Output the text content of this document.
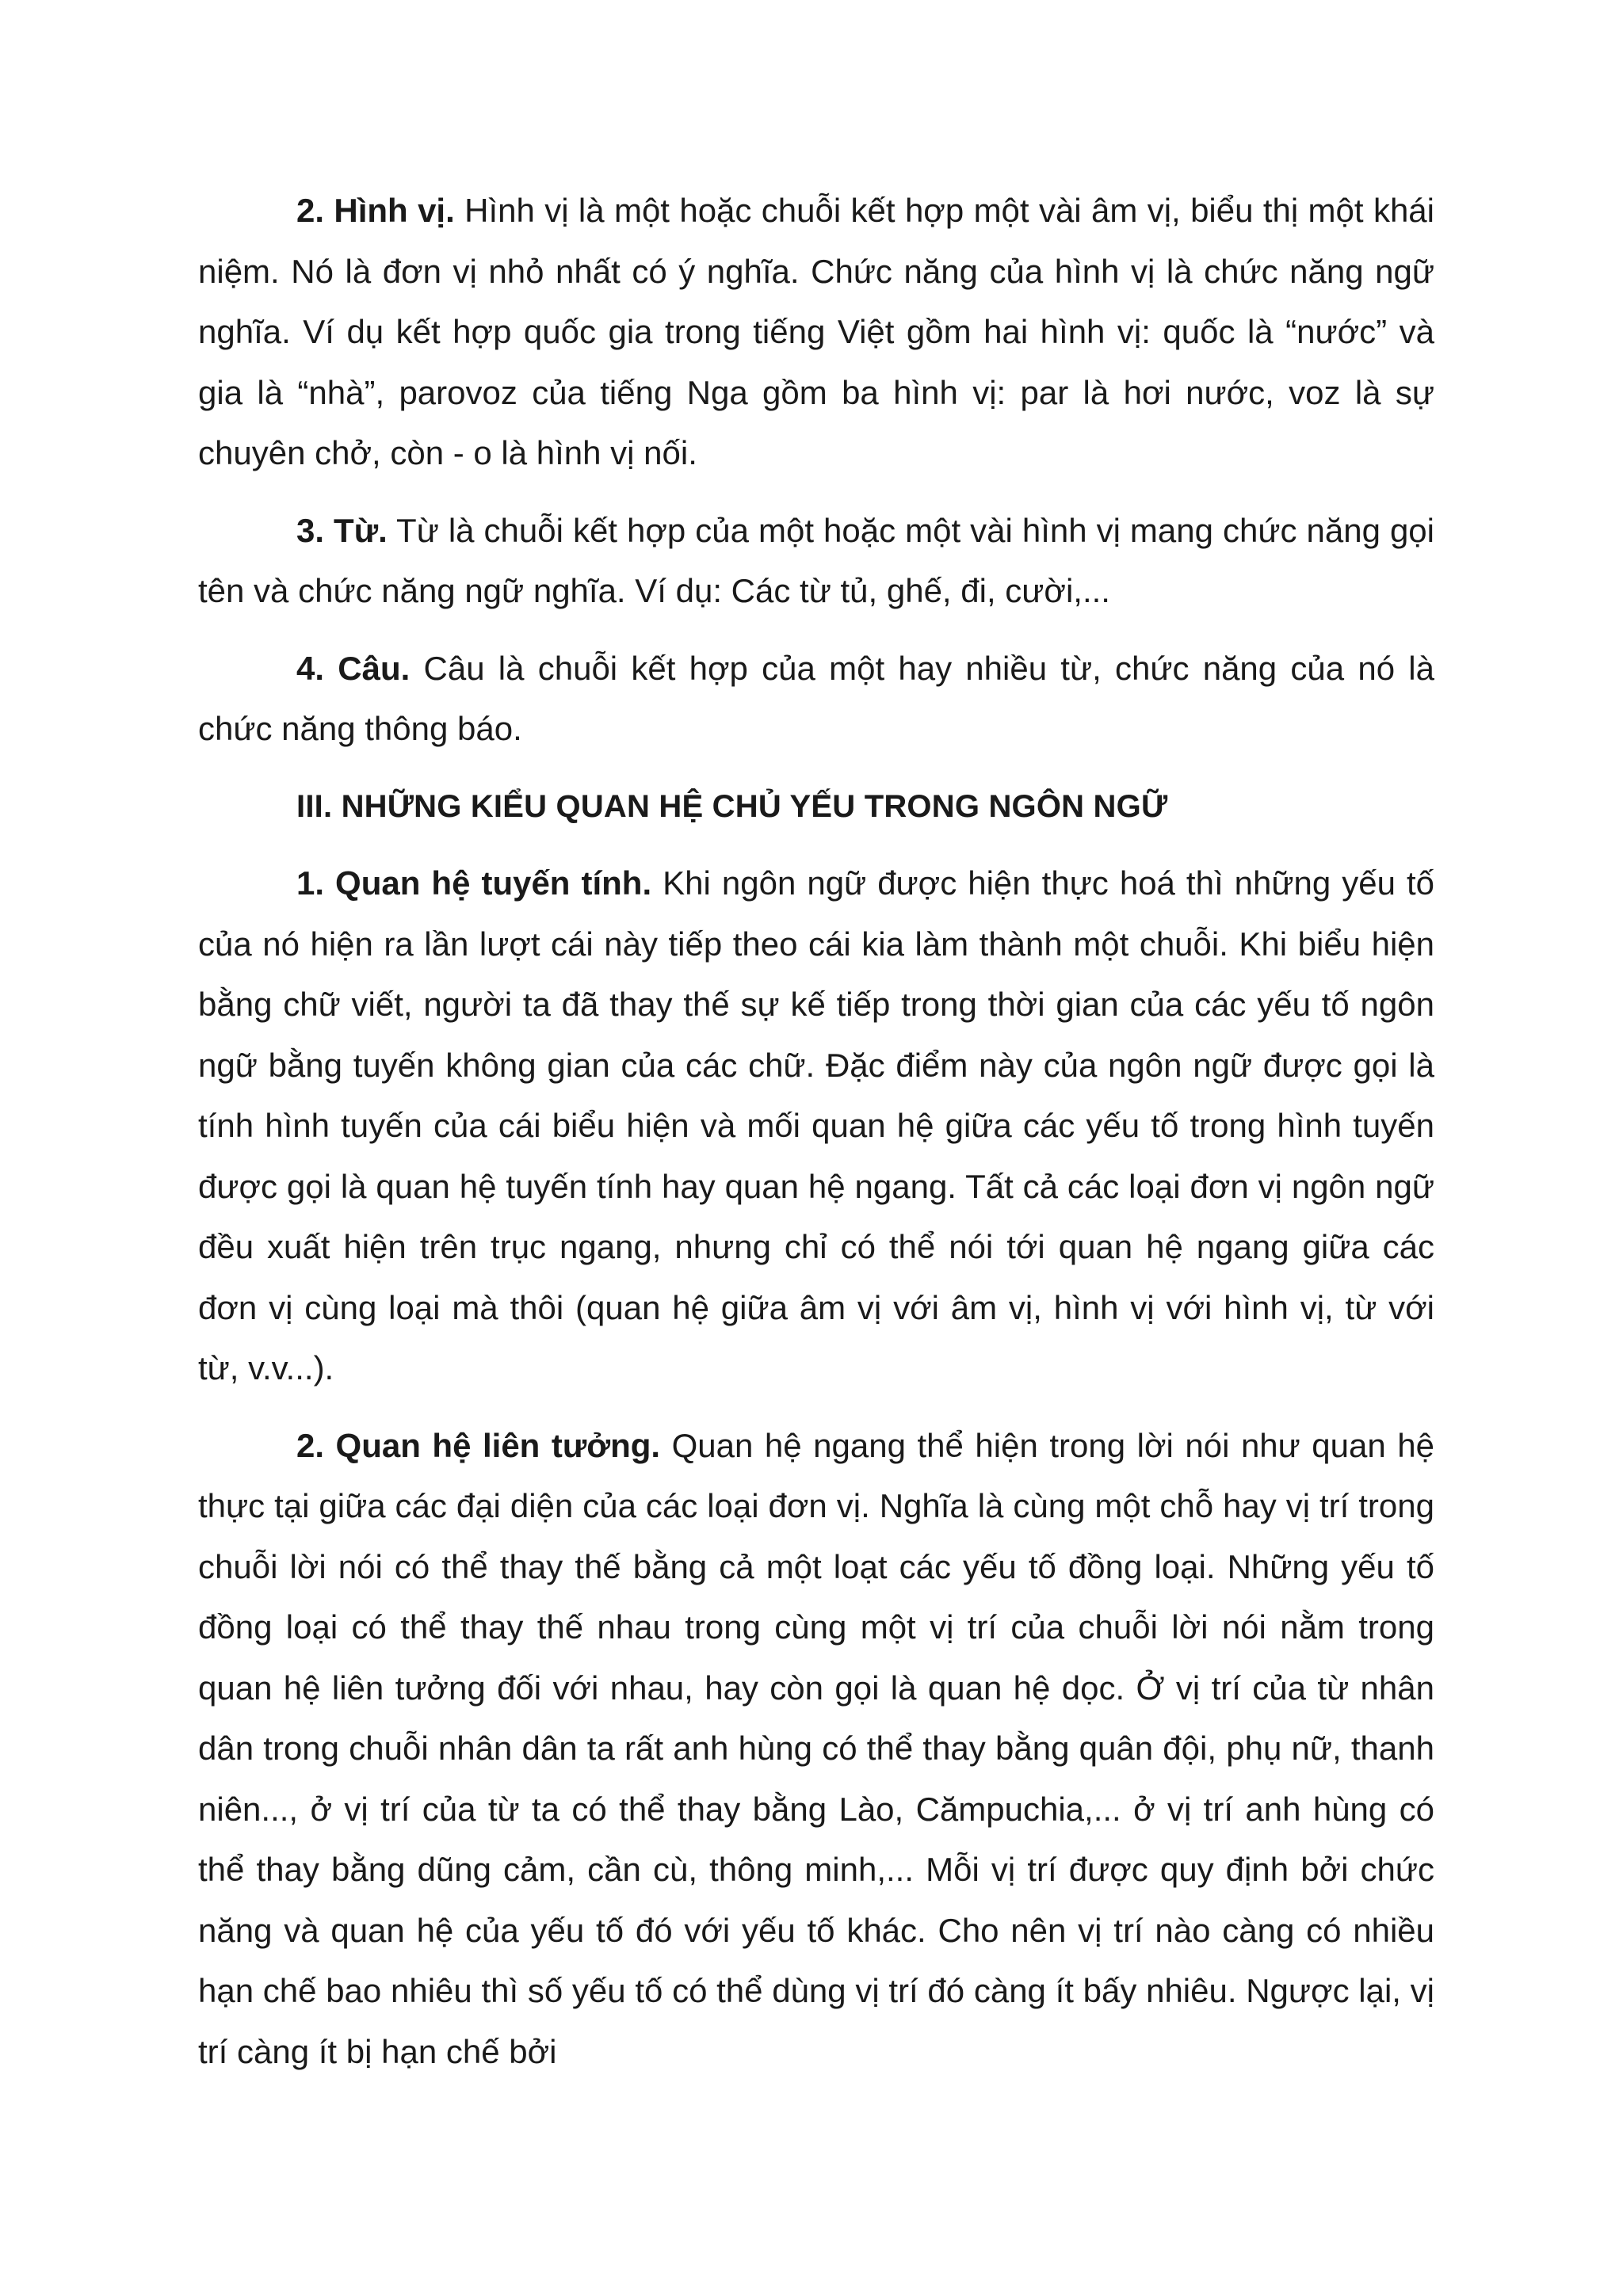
2. Hình vị. Hình vị là một hoặc chuỗi kết hợp một vài âm vị, biểu thị một khái niệm. Nó là đơn vị nhỏ nhất có ý nghĩa. Chức năng của hình vị là chức năng ngữ nghĩa. Ví dụ kết hợp quốc gia trong tiếng Việt gồm hai hình vị: quốc là “nước” và gia là “nhà”, parovoz của tiếng Nga gồm ba hình vị: par là hơi nước, voz là sự chuyên chở, còn - o là hình vị nối.

3. Từ. Từ là chuỗi kết hợp của một hoặc một vài hình vị mang chức năng gọi tên và chức năng ngữ nghĩa. Ví dụ: Các từ tủ, ghế, đi, cười,...

4. Câu. Câu là chuỗi kết hợp của một hay nhiều từ, chức năng của nó là chức năng thông báo.

III. NHỮNG KIỂU QUAN HỆ CHỦ YẾU TRONG NGÔN NGỮ

1. Quan hệ tuyến tính. Khi ngôn ngữ được hiện thực hoá thì những yếu tố của nó hiện ra lần lượt cái này tiếp theo cái kia làm thành một chuỗi. Khi biểu hiện bằng chữ viết, người ta đã thay thế sự kế tiếp trong thời gian của các yếu tố ngôn ngữ bằng tuyến không gian của các chữ. Đặc điểm này của ngôn ngữ được gọi là tính hình tuyến của cái biểu hiện và mối quan hệ giữa các yếu tố trong hình tuyến được gọi là quan hệ tuyến tính hay quan hệ ngang. Tất cả các loại đơn vị ngôn ngữ đều xuất hiện trên trục ngang, nhưng chỉ có thể nói tới quan hệ ngang giữa các đơn vị cùng loại mà thôi (quan hệ giữa âm vị với âm vị, hình vị với hình vị, từ với từ, v.v...).

2. Quan hệ liên tưởng. Quan hệ ngang thể hiện trong lời nói như quan hệ thực tại giữa các đại diện của các loại đơn vị. Nghĩa là cùng một chỗ hay vị trí trong chuỗi lời nói có thể thay thế bằng cả một loạt các yếu tố đồng loại. Những yếu tố đồng loại có thể thay thế nhau trong cùng một vị trí của chuỗi lời nói nằm trong quan hệ liên tưởng đối với nhau, hay còn gọi là quan hệ dọc. Ở vị trí của từ nhân dân trong chuỗi nhân dân ta rất anh hùng có thể thay bằng quân đội, phụ nữ, thanh niên..., ở vị trí của từ ta có thể thay bằng Lào, Cămpuchia,... ở vị trí anh hùng có thể thay bằng dũng cảm, cần cù, thông minh,... Mỗi vị trí được quy định bởi chức năng và quan hệ của yếu tố đó với yếu tố khác. Cho nên vị trí nào càng có nhiều hạn chế bao nhiêu thì số yếu tố có thể dùng vị trí đó càng ít bấy nhiêu. Ngược lại, vị trí càng ít bị hạn chế bởi
